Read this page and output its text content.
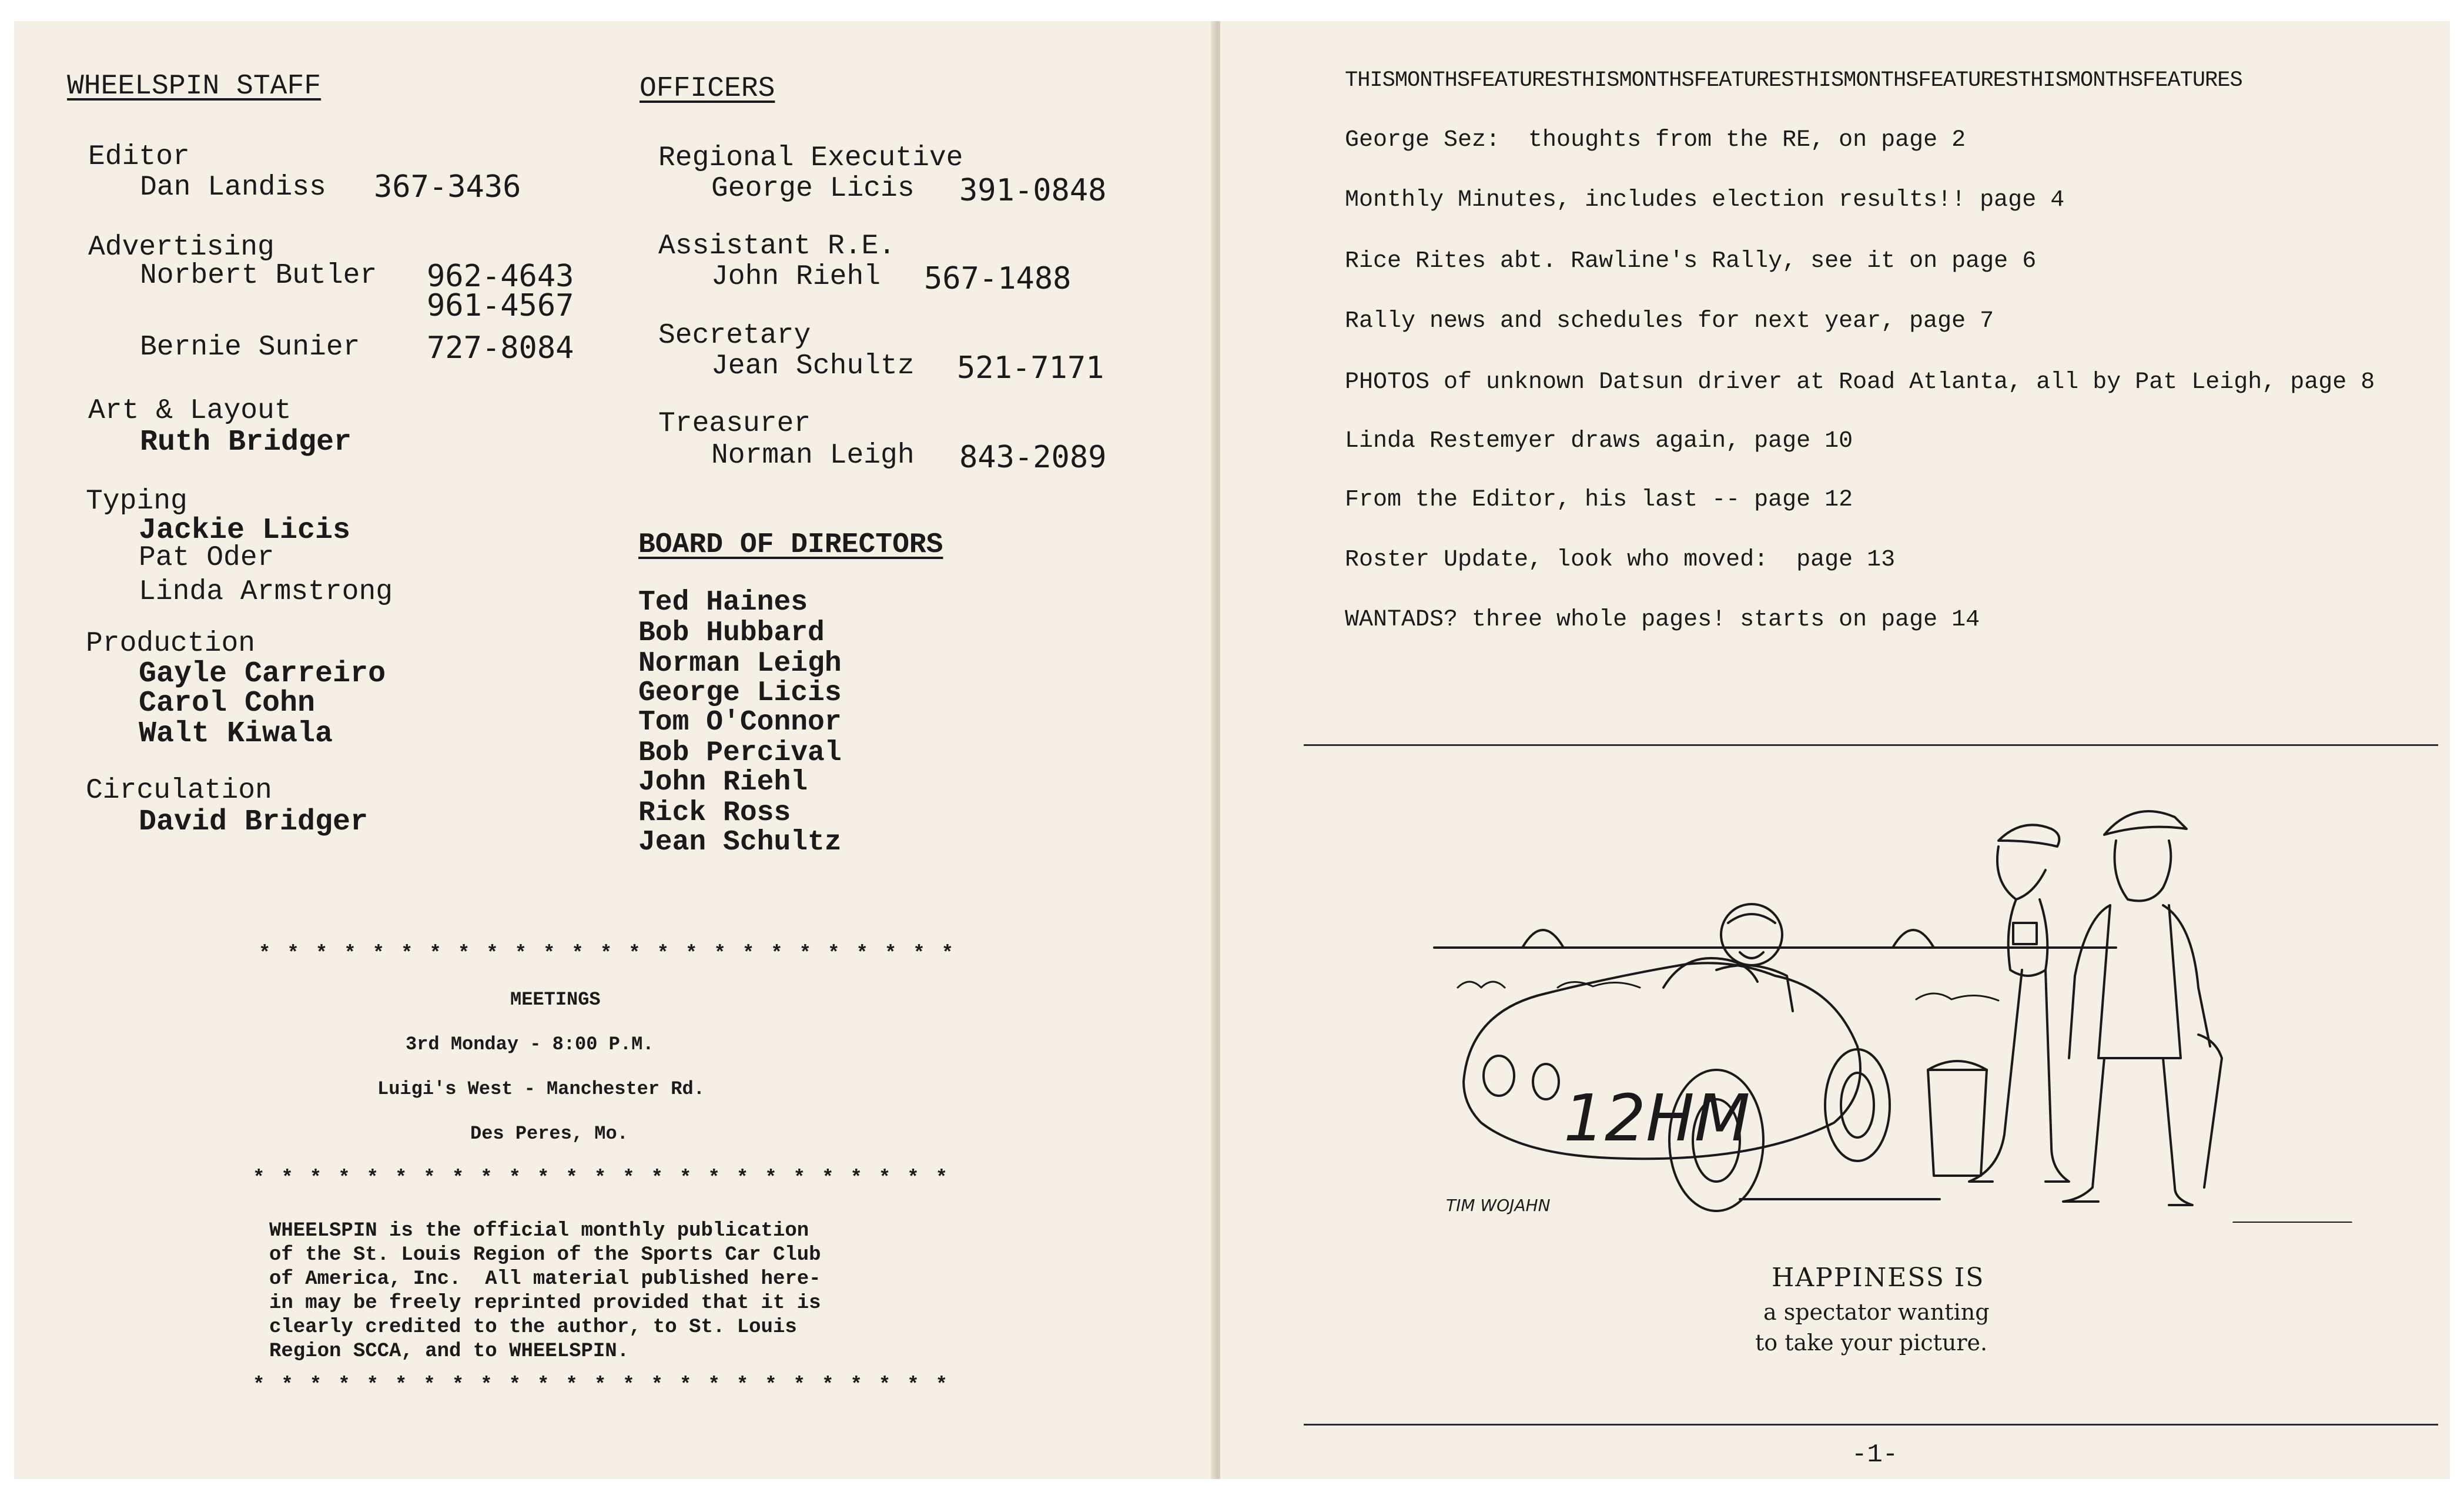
WHEELSPIN STAFF
Editor
Dan Landiss 367-3436
Advertising
Norbert Butler 962-4643
961-4567
Bernie Sunier 727-8084
Art & Layout
Ruth Bridger
Typing
Jackie Licis
Pat Oder
Linda Armstrong
Production
Gayle Carreiro
Carol Cohn
Walt Kiwala
Circulation
David Bridger
OFFICERS
Regional Executive
George Licis 391-0848
Assistant R.E.
John Riehl 567-1488
Secretary
Jean Schultz 521-7171
Treasurer
Norman Leigh 843-2089
BOARD OF DIRECTORS
Ted Haines
Bob Hubbard
Norman Leigh
George Licis
Tom O'Connor
Bob Percival
John Riehl
Rick Ross
Jean Schultz
*************************
MEETINGS
3rd Monday - 8:00 P.M.
Luigi's West - Manchester Rd.
Des Peres, Mo.
*************************
WHEELSPIN is the official monthly publication
of the St. Louis Region of the Sports Car Club
of America, Inc.  All material published here-
in may be freely reprinted provided that it is
clearly credited to the author, to St. Louis
Region SCCA, and to WHEELSPIN.
*************************
THISMONTHSFEATURESTHISMONTHSFEATURESTHISMONTHSFEATURESTHISMONTHSFEATURES
George Sez:  thoughts from the RE, on page 2
Monthly Minutes, includes election results!! page 4
Rice Rites abt. Rawline's Rally, see it on page 6
Rally news and schedules for next year, page 7
PHOTOS of unknown Datsun driver at Road Atlanta, all by Pat Leigh, page 8
Linda Restemyer draws again, page 10
From the Editor, his last -- page 12
Roster Update, look who moved:  page 13
WANTADS? three whole pages! starts on page 14
12HM
TIM WOJAHN
HAPPINESS IS
a spectator wanting
to take your picture.
-1-
